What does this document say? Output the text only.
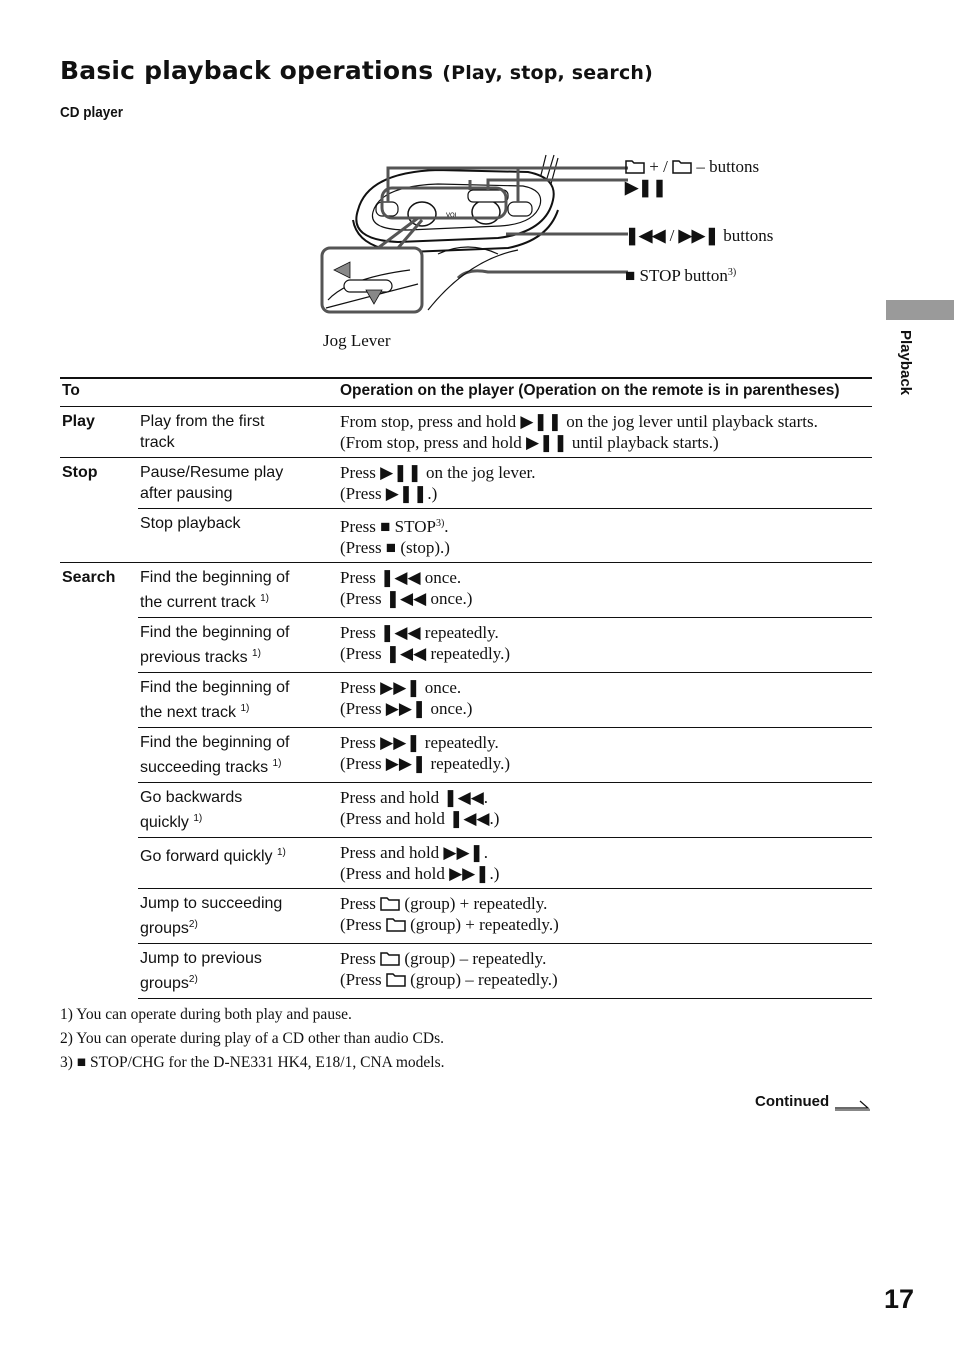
Basic playback operations (Play, stop, search)
CD player
VOL
+ / – buttons
▶❚❚
❚◀◀ / ▶▶❚ buttons
■ STOP button$^{3)}$
Jog Lever	Playback
To		Operation on the player (Operation on the remote is in parentheses)
Play	Play from the first
track	From stop, press and hold ▶❚❚ on the jog lever until playback starts.
(From stop, press and hold ▶❚❚ until playback starts.)

Stop	Pause/Resume play
after pausing	Press ▶❚❚ on the jog lever.
(Press ▶❚❚.)

	Stop playback	Press ■ STOP$^{3)}$.
(Press ■ (stop).)

Search	Find the beginning of
the current track $^{1)}$	Press ❚◀◀ once.
(Press ❚◀◀ once.)

	Find the beginning of
previous tracks $^{1)}$	Press ❚◀◀ repeatedly.
(Press ❚◀◀ repeatedly.)

	Find the beginning of
the next track $^{1)}$	Press ▶▶❚ once.
(Press ▶▶❚ once.)

	Find the beginning of
succeeding tracks $^{1)}$	Press ▶▶❚ repeatedly.
(Press ▶▶❚ repeatedly.)

	Go backwards
quickly $^{1)}$	Press and hold ❚◀◀.
(Press and hold ❚◀◀.)

	Go forward quickly $^{1)}$	Press and hold ▶▶❚.
(Press and hold ▶▶❚.)

	Jump to succeeding
groups$^{2)}$	Press (group) + repeatedly.
(Press (group) + repeatedly.)

	Jump to previous
groups$^{2)}$	Press (group) – repeatedly.
(Press (group) – repeatedly.)
1) You can operate during both play and pause.
2) You can operate during play of a CD other than audio CDs.
3) ■ STOP/CHG for the D-NE331 HK4, E18/1, CNA models.
Continued
17
